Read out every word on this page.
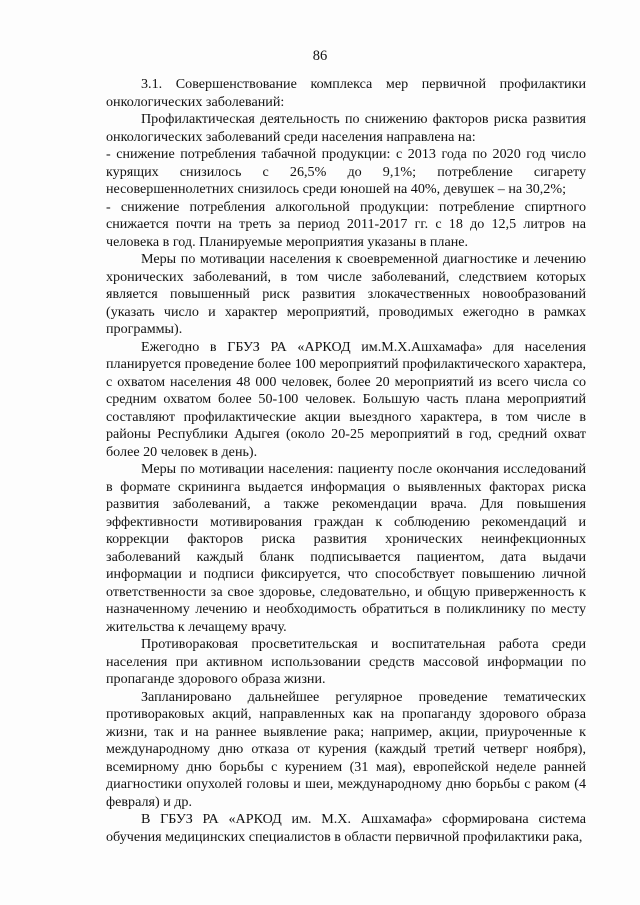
86

3.1. Совершенствование комплекса мер первичной профилактики онкологических заболеваний:

Профилактическая деятельность по снижению факторов риска развития онкологических заболеваний среди населения направлена на:

- снижение потребления табачной продукции: с 2013 года по 2020 год число курящих снизилось с 26,5% до 9,1%; потребление сигарету несовершеннолетних снизилось среди юношей на 40%, девушек – на 30,2%;

- снижение потребления алкогольной продукции: потребление спиртного снижается почти на треть за период 2011-2017 гг. с 18 до 12,5 литров на человека в год. Планируемые мероприятия указаны в плане.

Меры по мотивации населения к своевременной диагностике и лечению хронических заболеваний, в том числе заболеваний, следствием которых является повышенный риск развития злокачественных новообразований (указать число и характер мероприятий, проводимых ежегодно в рамках программы).

Ежегодно в ГБУЗ РА «АРКОД им.М.Х.Ашхамафа» для населения планируется проведение более 100 мероприятий профилактического характера, с охватом населения 48 000 человек, более 20 мероприятий из всего числа со средним охватом более 50-100 человек. Большую часть плана мероприятий составляют профилактические акции выездного характера, в том числе в районы Республики Адыгея (около 20-25 мероприятий в год, средний охват более 20 человек в день).

Меры по мотивации населения: пациенту после окончания исследований в формате скрининга выдается информация о выявленных факторах риска развития заболеваний, а также рекомендации врача. Для повышения эффективности мотивирования граждан к соблюдению рекомендаций и коррекции факторов риска развития хронических неинфекционных заболеваний каждый бланк подписывается пациентом, дата выдачи информации и подписи фиксируется, что способствует повышению личной ответственности за свое здоровье, следовательно, и общую приверженность к назначенному лечению и необходимость обратиться в поликлинику по месту жительства к лечащему врачу.

Противораковая просветительская и воспитательная работа среди населения при активном использовании средств массовой информации по пропаганде здорового образа жизни.

Запланировано дальнейшее регулярное проведение тематических противораковых акций, направленных как на пропаганду здорового образа жизни, так и на раннее выявление рака; например, акции, приуроченные к международному дню отказа от курения (каждый третий четверг ноября), всемирному дню борьбы с курением (31 мая), европейской неделе ранней диагностики опухолей головы и шеи, международному дню борьбы с раком (4 февраля) и др.

В ГБУЗ РА «АРКОД им. М.Х. Ашхамафа» сформирована система обучения медицинских специалистов в области первичной профилактики рака,
